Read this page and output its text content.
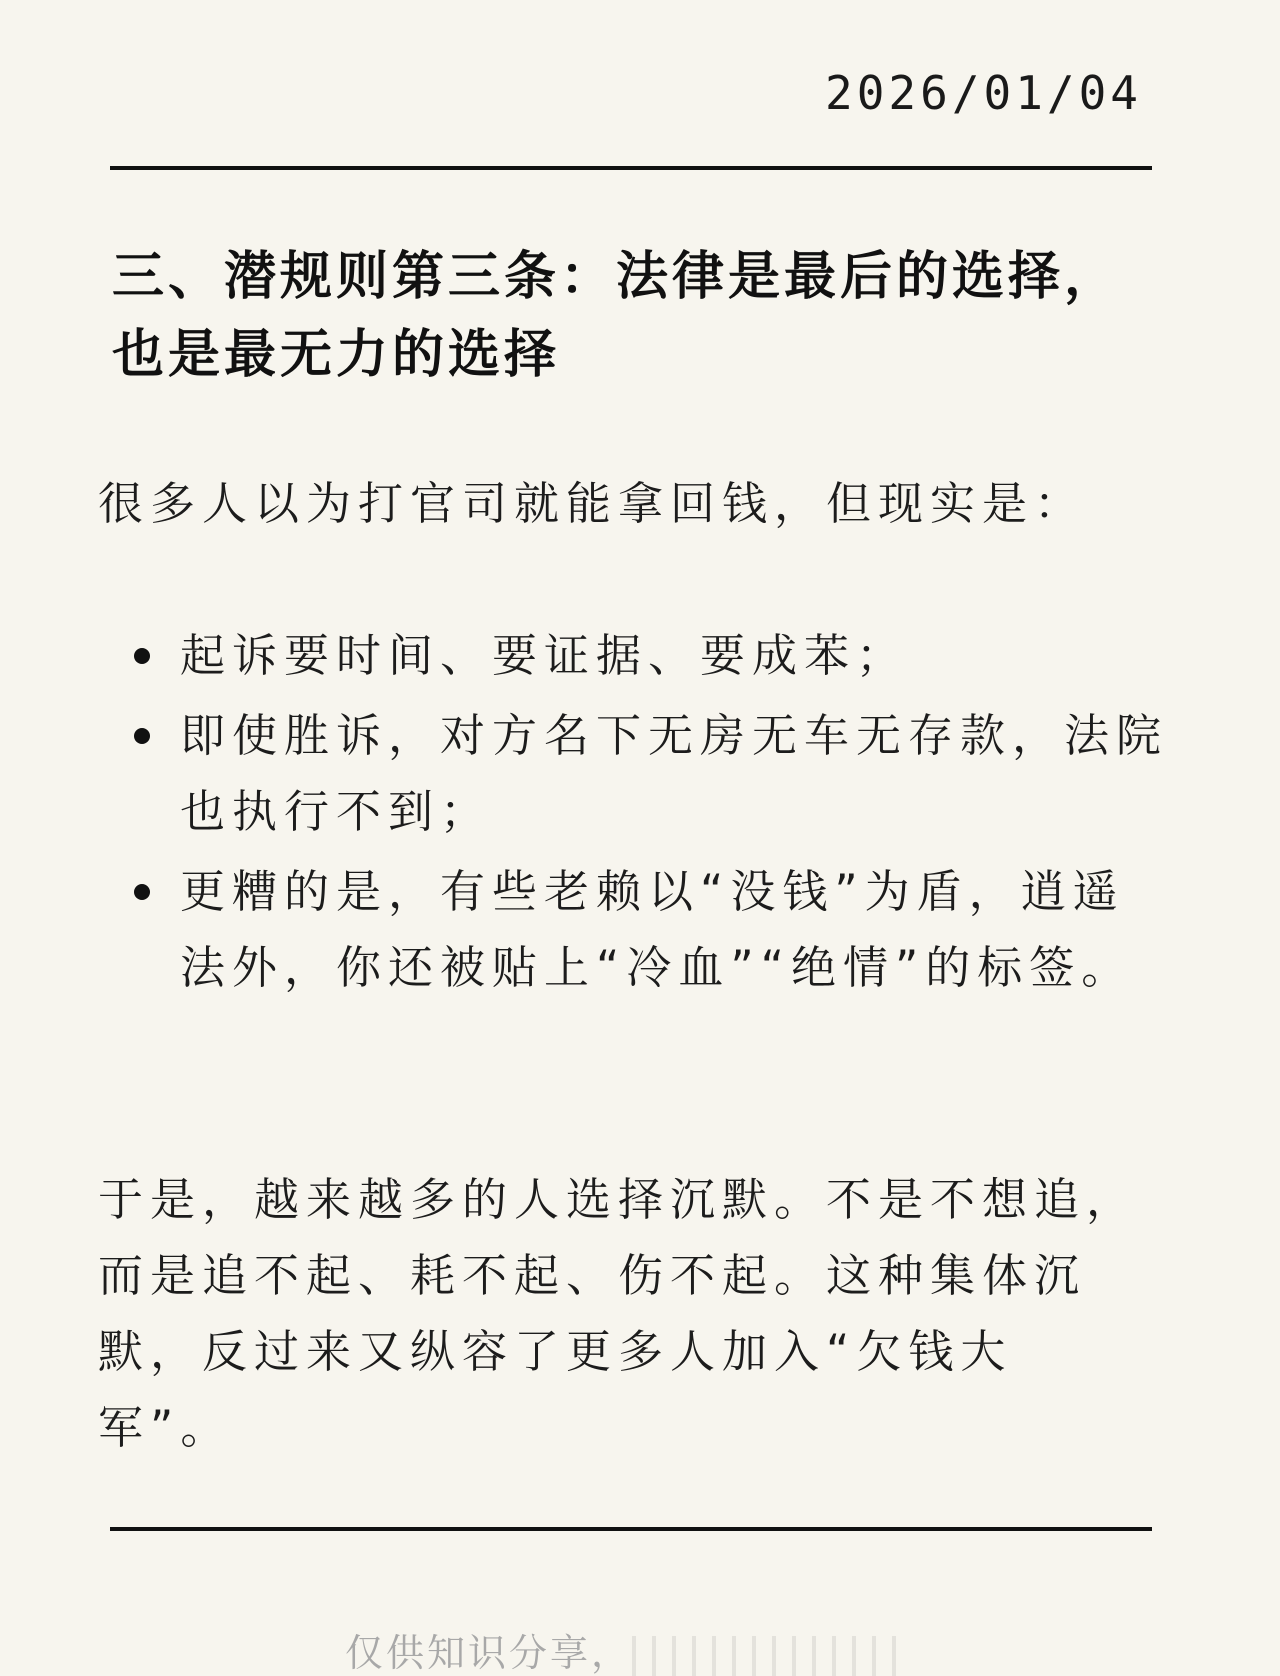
2026/01/04
三、潜规则第三条：法律是最后的选择，也是最无力的选择

很多人以为打官司就能拿回钱，但现实是：

起诉要时间、要证据、要成苯；
即使胜诉，对方名下无房无车无存款，法院也执行不到；
更糟的是，有些老赖以“没钱”为盾，逍遥法外，你还被贴上“冷血”“绝情”的标签。

于是，越来越多的人选择沉默。不是不想追，而是追不起、耗不起、伤不起。这种集体沉默，反过来又纵容了更多人加入“欠钱大军”。

仅供知识分享，
